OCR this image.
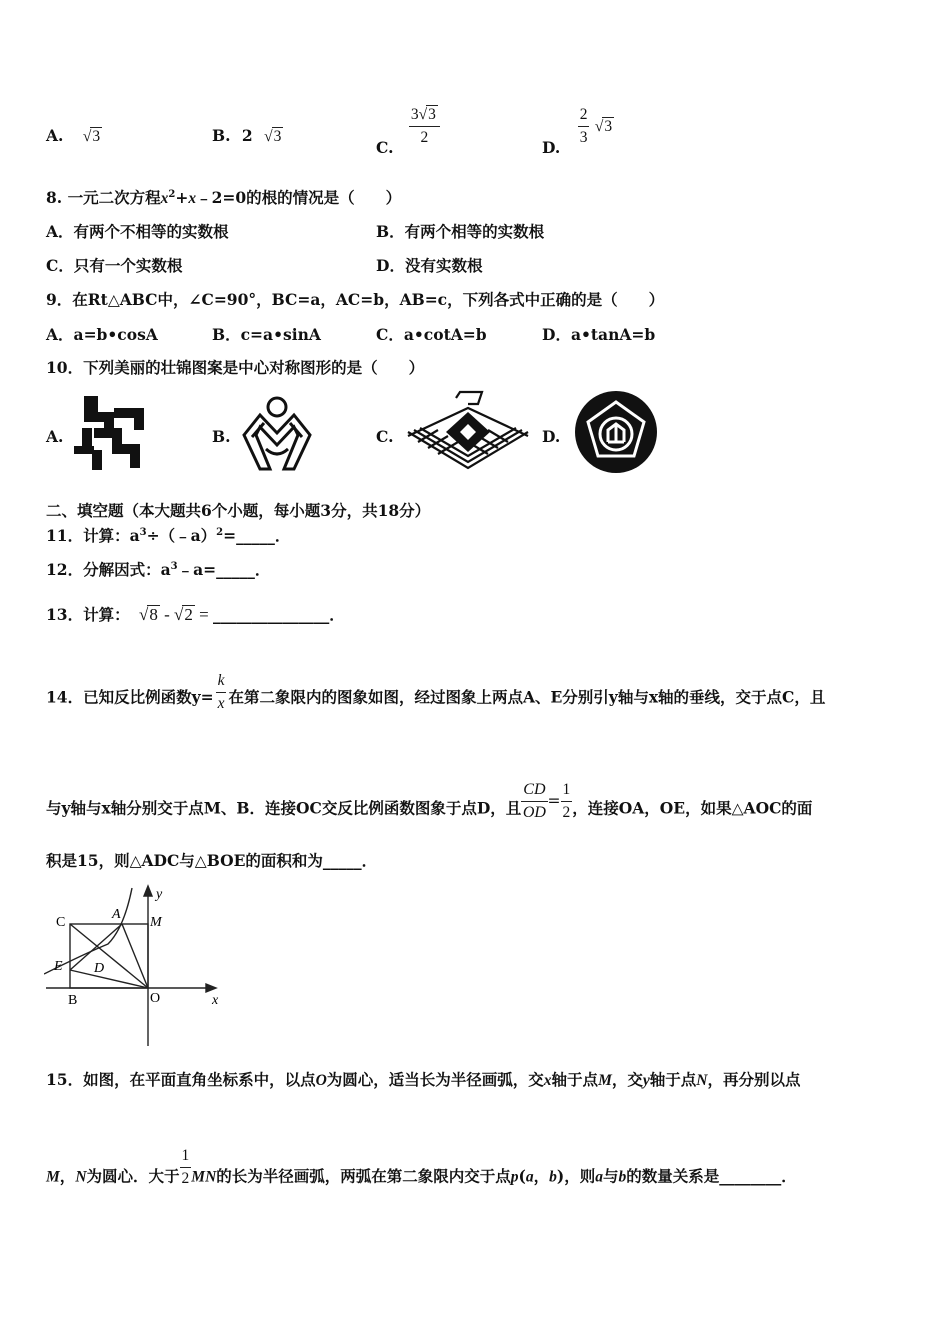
A. √3	B. 2 √3
C. $\frac{3√3}{2}$	D. $\frac{2}{3} √3$
8. 一元二次方程$x^2+x﹣2=0$的根的情况是（　　）
A．有两个不相等的实数根	B．有两个相等的实数根
C．只有一个实数根	D．没有实数根
9．在Rt△ABC中，∠C=90°，BC=a，AC=b，AB=c，下列各式中正确的是（　　）
A．a=b•cosA	B．c=a•sinA	C．a•cotA=b	D．a•tanA=b
10．下列美丽的壮锦图案是中心对称图形的是（　　）
A.	B.	C.	D.
二、填空题（本大题共6个小题，每小题3分，共18分）
11．计算：$a^3\div(﹣a)^2=\_\_\_\_\_$．
12．分解因式：$a^3﹣a=\_\_\_\_\_$．
13．计算： √8 - √2 = _______________．
14．已知反比例函数$y= \frac{k}{x}$ 在第二象限内的图象如图，经过图象上两点A、E分别引y轴与x轴的垂线，交于点C，且
与y轴与x轴分别交于点M、B．连接OC交反比例函数图象于点D，且 $\frac{CD}{OD} = \frac{1}{2}$ ，连接OA，OE，如果△AOC的面
积是15，则△ADC与△BOE的面积和为_____．
C
A
y
M
E D
B	O	x
15．如图，在平面直角坐标系中，以点O为圆心，适当长为半径画弧，交x轴于点M，交y轴于点N，再分别以点
M，N为圆心．大于 $\frac{1}{2}$ MN的长为半径画弧，两弧在第二象限内交于点p(a，b)，则a与b的数量关系是________．
